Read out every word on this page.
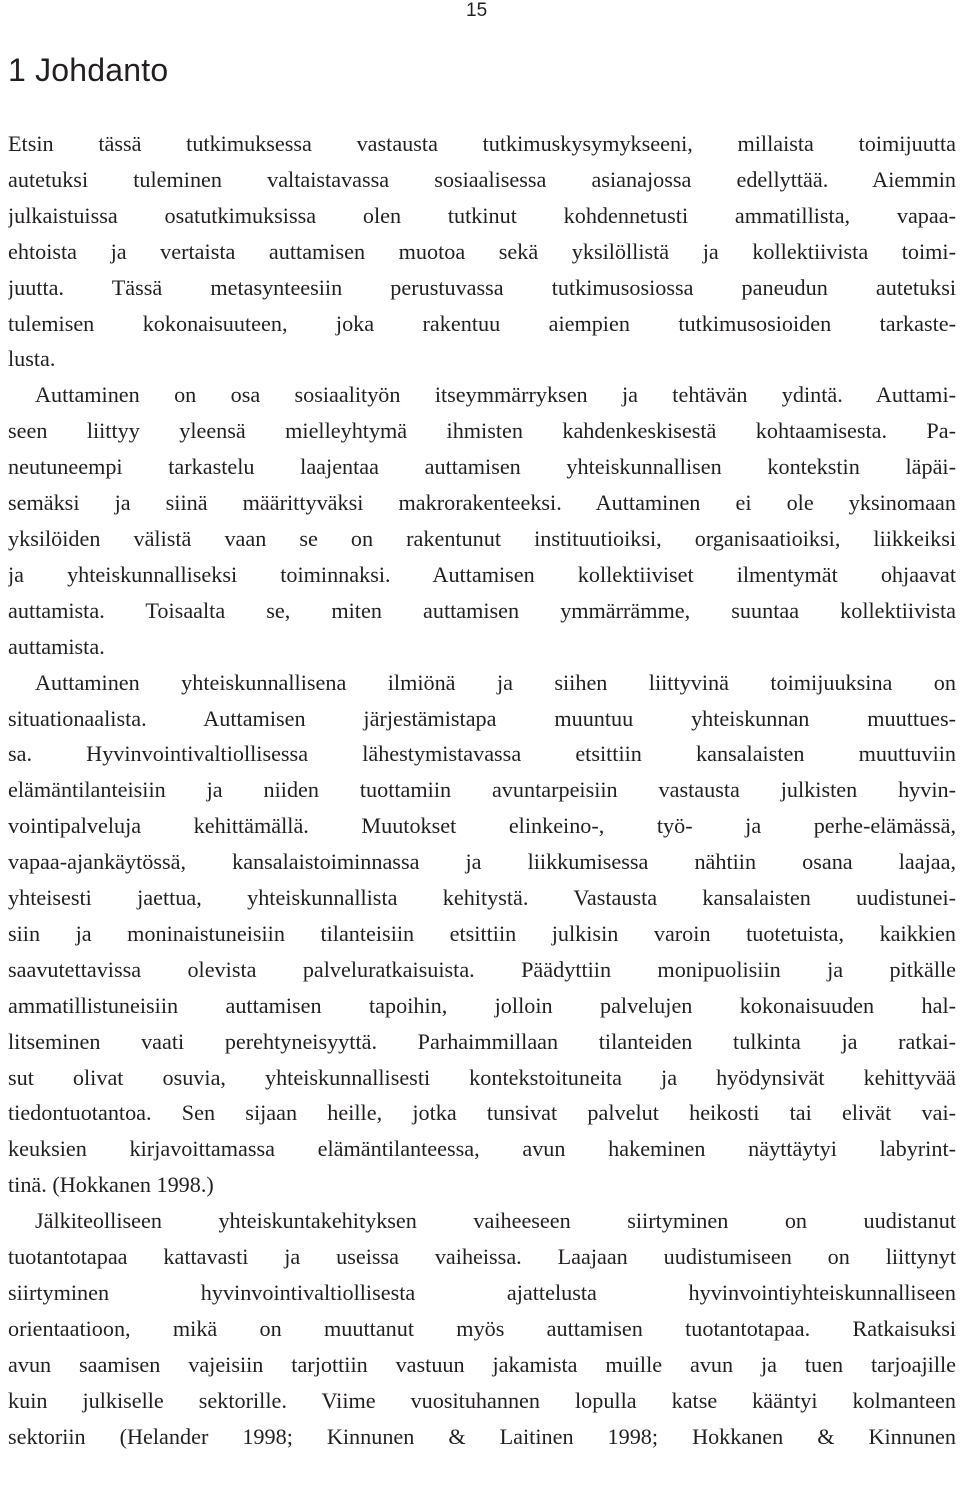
15
1 Johdanto
Etsin tässä tutkimuksessa vastausta tutkimuskysymykseeni, millaista toimijuutta
autetuksi tuleminen valtaistavassa sosiaalisessa asianajossa edellyttää. Aiemmin
julkaistuissa osatutkimuksissa olen tutkinut kohdennetusti ammatillista, vapaa-
ehtoista ja vertaista auttamisen muotoa sekä yksilöllistä ja kollektiivista toimi-
juutta. Tässä metasynteesiin perustuvassa tutkimusosiossa paneudun autetuksi
tulemisen kokonaisuuteen, joka rakentuu aiempien tutkimusosioiden tarkaste-
lusta.
Auttaminen on osa sosiaalityön itseymmärryksen ja tehtävän ydintä. Auttami-
seen liittyy yleensä mielleyhtymä ihmisten kahdenkeskisestä kohtaamisesta. Pa-
neutuneempi tarkastelu laajentaa auttamisen yhteiskunnallisen kontekstin läpäi-
semäksi ja siinä määrittyväksi makrorakenteeksi. Auttaminen ei ole yksinomaan
yksilöiden välistä vaan se on rakentunut instituutioiksi, organisaatioiksi, liikkeiksi
ja yhteiskunnalliseksi toiminnaksi. Auttamisen kollektiiviset ilmentymät ohjaavat
auttamista. Toisaalta se, miten auttamisen ymmärrämme, suuntaa kollektiivista
auttamista.
Auttaminen yhteiskunnallisena ilmiönä ja siihen liittyvinä toimijuuksina on
situationaalista. Auttamisen järjestämistapa muuntuu yhteiskunnan muuttues-
sa. Hyvinvointivaltiollisessa lähestymistavassa etsittiin kansalaisten muuttuviin
elämäntilanteisiin ja niiden tuottamiin avuntarpeisiin vastausta julkisten hyvin-
vointipalveluja kehittämällä. Muutokset elinkeino-, työ- ja perhe-elämässä,
vapaa-ajankäytössä, kansalaistoiminnassa ja liikkumisessa nähtiin osana laajaa,
yhteisesti jaettua, yhteiskunnallista kehitystä. Vastausta kansalaisten uudistunei-
siin ja moninaistuneisiin tilanteisiin etsittiin julkisin varoin tuotetuista, kaikkien
saavutettavissa olevista palveluratkaisuista. Päädyttiin monipuolisiin ja pitkälle
ammatillistuneisiin auttamisen tapoihin, jolloin palvelujen kokonaisuuden hal-
litseminen vaati perehtyneisyyttä. Parhaimmillaan tilanteiden tulkinta ja ratkai-
sut olivat osuvia, yhteiskunnallisesti kontekstoituneita ja hyödynsivät kehittyvää
tiedontuotantoa. Sen sijaan heille, jotka tunsivat palvelut heikosti tai elivät vai-
keuksien kirjavoittamassa elämäntilanteessa, avun hakeminen näyttäytyi labyrint-
tinä. (Hokkanen 1998.)
Jälkiteolliseen yhteiskuntakehityksen vaiheeseen siirtyminen on uudistanut
tuotantotapaa kattavasti ja useissa vaiheissa. Laajaan uudistumiseen on liittynyt
siirtyminen hyvinvointivaltiollisesta ajattelusta hyvinvointiyhteiskunnalliseen
orientaatioon, mikä on muuttanut myös auttamisen tuotantotapaa. Ratkaisuksi
avun saamisen vajeisiin tarjottiin vastuun jakamista muille avun ja tuen tarjoajille
kuin julkiselle sektorille. Viime vuosituhannen lopulla katse kääntyi kolmanteen
sektoriin (Helander 1998; Kinnunen & Laitinen 1998; Hokkanen & Kinnunen
